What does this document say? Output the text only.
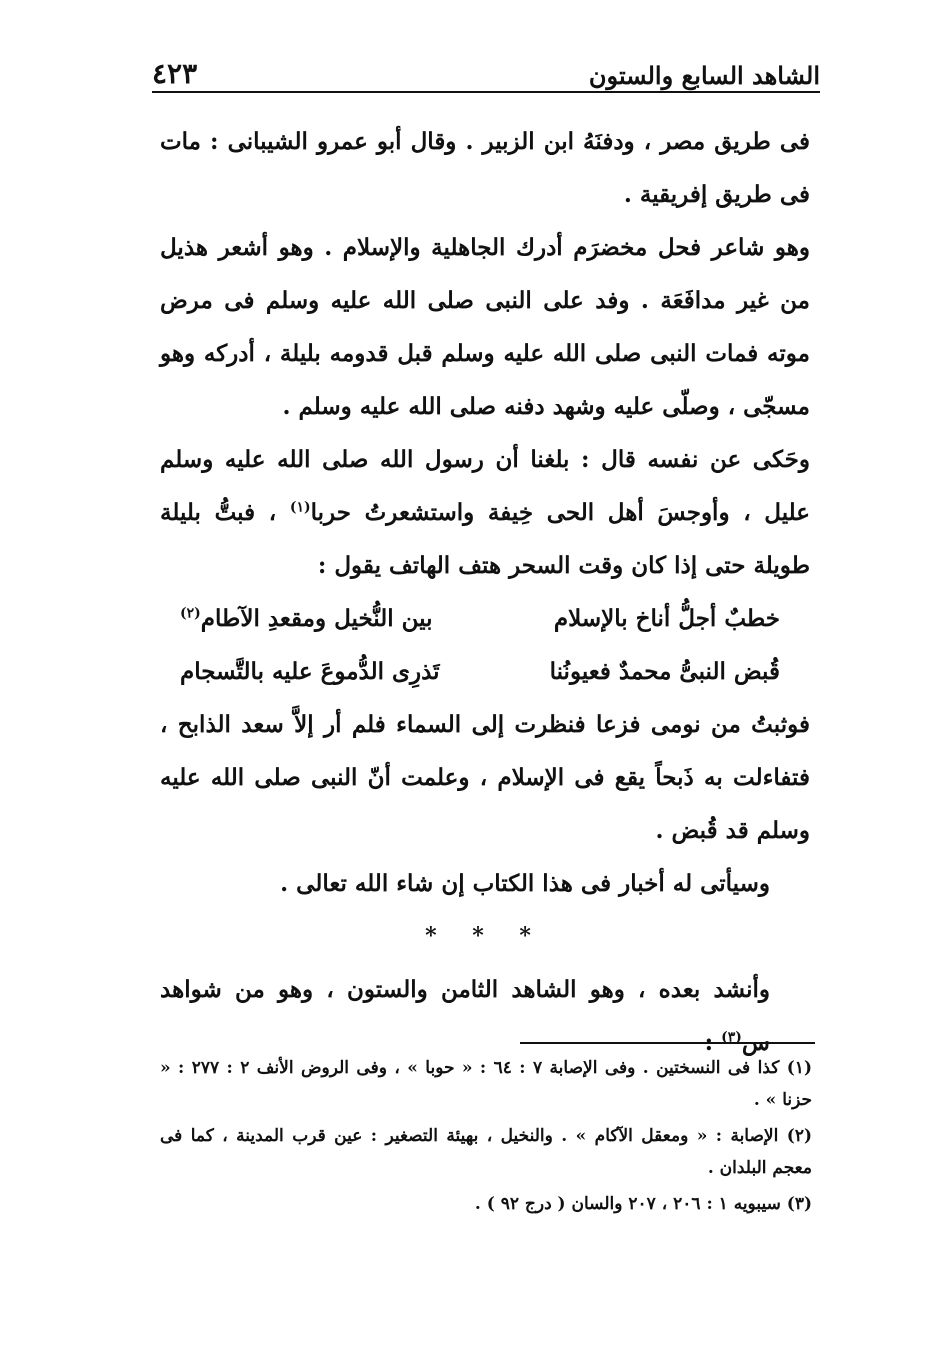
الشاهد السابع والستون
٤٢٣

فى طريق مصر ، ودفنَهُ ابن الزبير . وقال أبو عمرو الشيبانى : مات فى طريق إفريقية .

وهو شاعر فحل مخضرَم أدرك الجاهلية والإسلام . وهو أشعر هذيل من غير مدافَعَة . وفد على النبى صلى الله عليه وسلم فى مرض موته فمات النبى صلى الله عليه وسلم قبل قدومه بليلة ، أدركه وهو مسجّى ، وصلّى عليه وشهد دفنه صلى الله عليه وسلم .

وحَكى عن نفسه قال : بلغنا أن رسول الله صلى الله عليه وسلم عليل ، وأوجسَ أهل الحى خِيفة واستشعرتُ حربا$^{(١)}$ ، فبتُّ بليلة طويلة حتى إذا كان وقت السحر هتف الهاتف يقول :

خطبٌ أجلُّ أناخ بالإسلام
بين النُّخيل ومقعدِ الآطام$^{(٢)}$
قُبض النبىُّ محمدٌ فعيونُنا
تَذرِى الدُّموعَ عليه بالتَّسجام

فوثبتُ من نومى فزعا فنظرت إلى السماء فلم أر إلاَّ سعد الذابح ، فتفاءلت به ذَبحاً يقع فى الإسلام ، وعلمت أنّ النبى صلى الله عليه وسلم قد قُبض .

وسيأتى له أخبار فى هذا الكتاب إن شاء الله تعالى .

* * *

وأنشد بعده ، وهو الشاهد الثامن والستون ، وهو من شواهد س$^{(٣)}$ :

(١) كذا فى النسختين . وفى الإصابة ٧ : ٦٤ : « حوبا » ، وفى الروض الأنف ٢ : ٢٧٧ : « حزنا » .

(٢) الإصابة : « ومعقل الآكام » . والنخيل ، بهيئة التصغير : عين قرب المدينة ، كما فى معجم البلدان .

(٣) سيبويه ١ : ٢٠٦ ، ٢٠٧ والسان ( درج ٩٢ ) .
